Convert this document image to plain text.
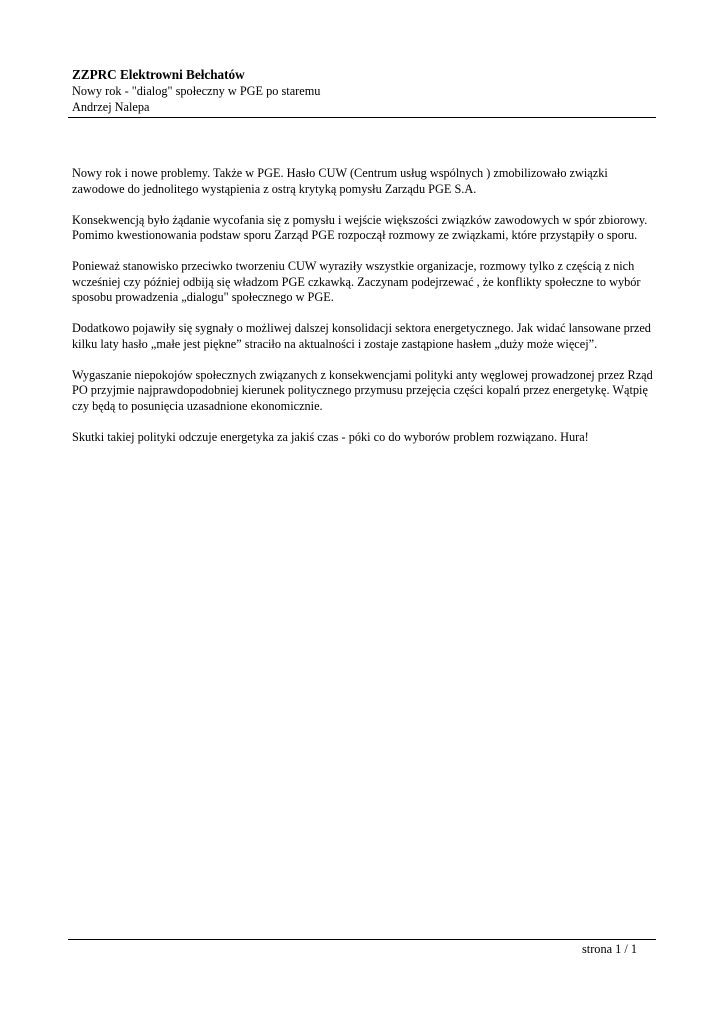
ZZPRC Elektrowni Bełchatów

Nowy rok - "dialog" społeczny w PGE po staremu

Andrzej Nalepa

Nowy rok i nowe problemy. Także w PGE. Hasło CUW (Centrum usług wspólnych ) zmobilizowało związki
zawodowe do jednolitego wystąpienia z ostrą krytyką pomysłu Zarządu PGE S.A.

Konsekwencją było żądanie wycofania się z pomysłu i wejście większości związków zawodowych w spór zbiorowy.
Pomimo kwestionowania podstaw sporu Zarząd PGE rozpoczął rozmowy ze związkami, które przystąpiły o sporu.

Ponieważ stanowisko przeciwko tworzeniu CUW wyraziły wszystkie organizacje, rozmowy tylko z częścią z nich
wcześniej czy później odbiją się władzom PGE czkawką. Zaczynam podejrzewać , że konflikty społeczne to wybór
sposobu prowadzenia „dialogu" społecznego w PGE.

Dodatkowo pojawiły się sygnały o możliwej dalszej konsolidacji sektora energetycznego. Jak widać lansowane przed
kilku laty hasło „małe jest piękne” straciło na aktualności i zostaje zastąpione hasłem „duży może więcej”.

Wygaszanie niepokojów społecznych związanych z konsekwencjami polityki anty węglowej prowadzonej przez Rząd
PO przyjmie najprawdopodobniej kierunek politycznego przymusu przejęcia części kopalń przez energetykę. Wątpię
czy będą to posunięcia uzasadnione ekonomicznie.

Skutki takiej polityki odczuje energetyka za jakiś czas - póki co do wyborów problem rozwiązano. Hura!

strona 1 / 1
